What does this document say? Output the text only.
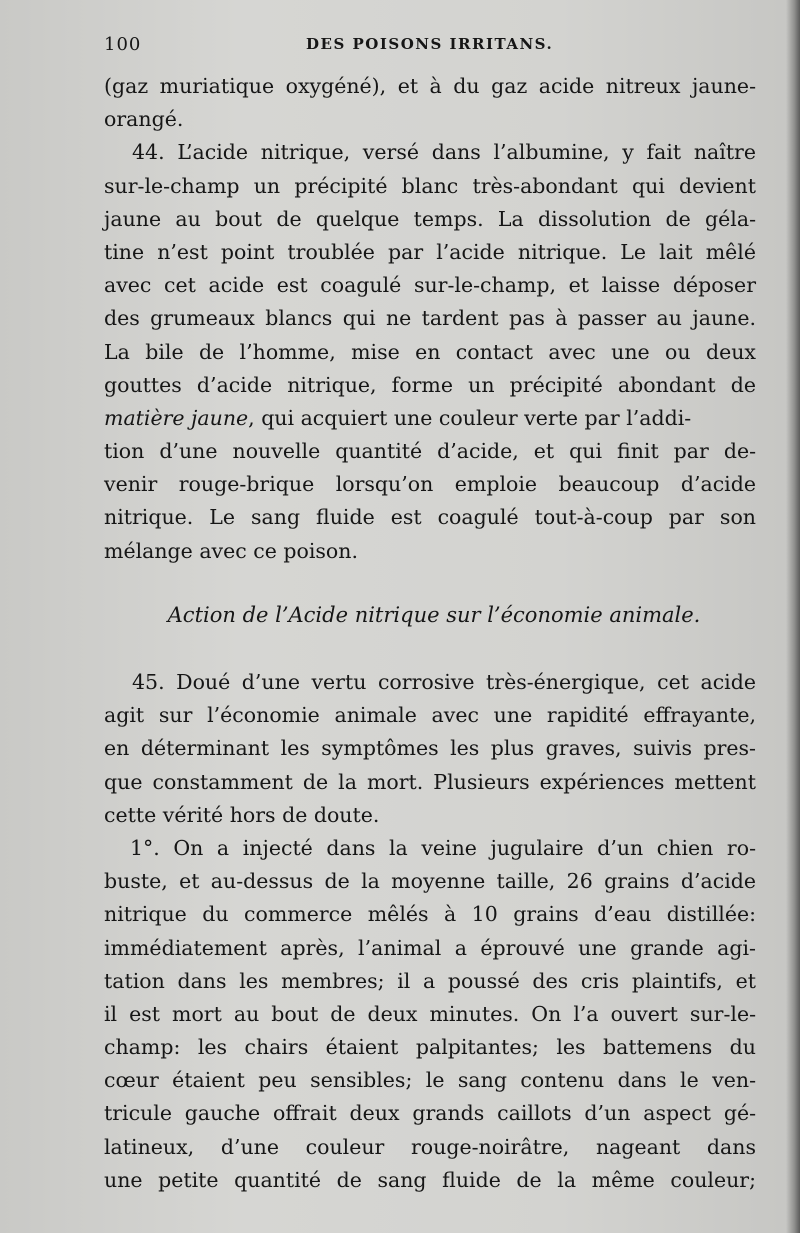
100	DES POISONS IRRITANS.
(gaz muriatique oxygéné), et à du gaz acide nitreux jaune-
orangé.
44. L’acide nitrique, versé dans l’albumine, y fait naître
sur-le-champ un précipité blanc très-abondant qui devient
jaune au bout de quelque temps. La dissolution de géla-
tine n’est point troublée par l’acide nitrique. Le lait mêlé
avec cet acide est coagulé sur-le-champ, et laisse déposer
des grumeaux blancs qui ne tardent pas à passer au jaune.
La bile de l’homme, mise en contact avec une ou deux
gouttes d’acide nitrique, forme un précipité abondant de
matière jaune, qui acquiert une couleur verte par l’addi-
tion d’une nouvelle quantité d’acide, et qui finit par de-
venir rouge-brique lorsqu’on emploie beaucoup d’acide
nitrique. Le sang fluide est coagulé tout-à-coup par son
mélange avec ce poison.
Action de l’Acide nitrique sur l’économie animale.
45. Doué d’une vertu corrosive très-énergique, cet acide
agit sur l’économie animale avec une rapidité effrayante,
en déterminant les symptômes les plus graves, suivis pres-
que constamment de la mort. Plusieurs expériences mettent
cette vérité hors de doute.
1°. On a injecté dans la veine jugulaire d’un chien ro-
buste, et au-dessus de la moyenne taille, 26 grains d’acide
nitrique du commerce mêlés à 10 grains d’eau distillée:
immédiatement après, l’animal a éprouvé une grande agi-
tation dans les membres; il a poussé des cris plaintifs, et
il est mort au bout de deux minutes. On l’a ouvert sur-le-
champ: les chairs étaient palpitantes; les battemens du
cœur étaient peu sensibles; le sang contenu dans le ven-
tricule gauche offrait deux grands caillots d’un aspect gé-
latineux, d’une couleur rouge-noirâtre, nageant dans
une petite quantité de sang fluide de la même couleur;
